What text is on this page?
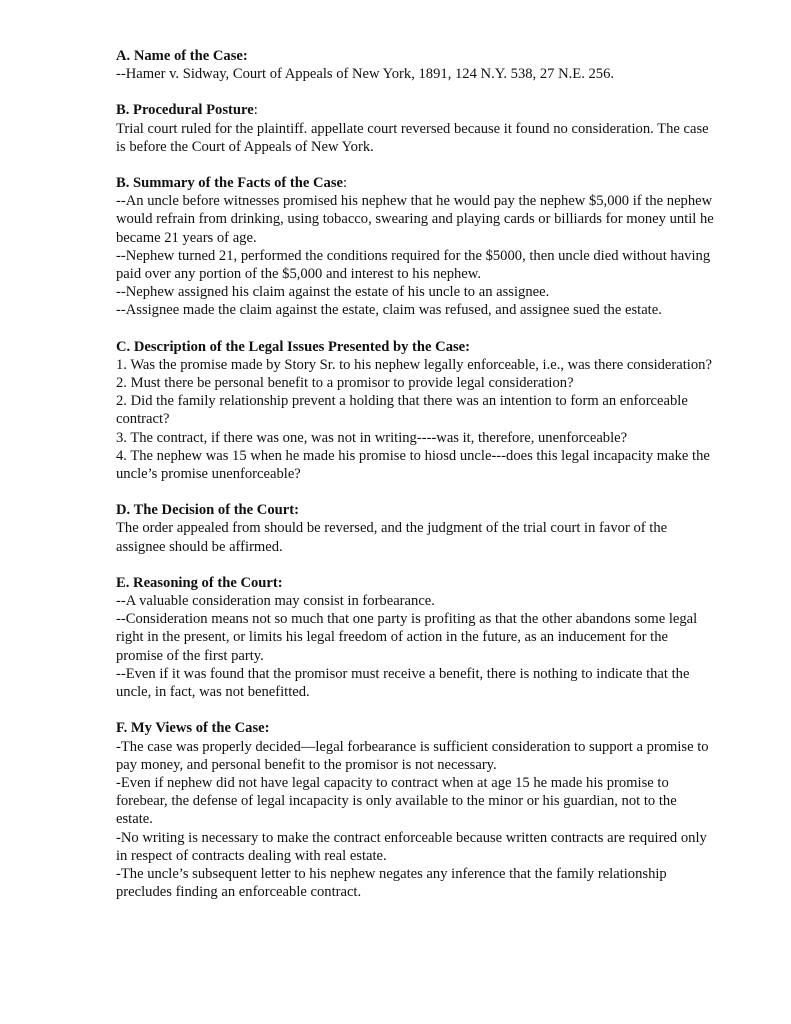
A. Name of the Case:

--Hamer v. Sidway, Court of Appeals of New York, 1891, 124 N.Y. 538, 27 N.E. 256.

B. Procedural Posture:

Trial court ruled for the plaintiff. appellate court reversed because it found no consideration. The case is before the Court of Appeals of New York.

B. Summary of the Facts of the Case:

--An uncle before witnesses promised his nephew that he would pay the nephew $5,000 if the nephew would refrain from drinking, using tobacco, swearing and playing cards or billiards for money until he became 21 years of age.

--Nephew turned 21, performed the conditions required for the $5000, then uncle died without having paid over any portion of the $5,000 and interest to his nephew.

--Nephew assigned his claim against the estate of his uncle to an assignee.

--Assignee made the claim against the estate, claim was refused, and assignee sued the estate.

C. Description of the Legal Issues Presented by the Case:

1. Was the promise made by Story Sr. to his nephew legally enforceable, i.e., was there consideration?

2. Must there be personal benefit to a promisor to provide legal consideration?

2. Did the family relationship prevent a holding that there was an intention to form an enforceable contract?

3. The contract, if there was one, was not in writing----was it, therefore, unenforceable?

4. The nephew was 15 when he made his promise to hiosd uncle---does this legal incapacity make the uncle’s promise unenforceable?

D. The Decision of the Court:

The order appealed from should be reversed, and the judgment of the trial court in favor of the assignee should be affirmed.

E. Reasoning of the Court:

--A valuable consideration may consist in forbearance.

--Consideration means not so much that one party is profiting as that the other abandons some legal right in the present, or limits his legal freedom of action in the future, as an inducement for the promise of the first party.

--Even if it was found that the promisor must receive a benefit, there is nothing to indicate that the uncle, in fact, was not benefitted.

F. My Views of the Case:

-The case was properly decided—legal forbearance is sufficient consideration to support a promise to pay money, and personal benefit to the promisor is not necessary.

-Even if nephew did not have legal capacity to contract when at age 15 he made his promise to forebear, the defense of legal incapacity is only available to the minor or his guardian, not to the estate.

-No writing is necessary to make the contract enforceable because written contracts are required only in respect of contracts dealing with real estate.

-The uncle’s subsequent letter to his nephew negates any inference that the family relationship precludes finding an enforceable contract.
